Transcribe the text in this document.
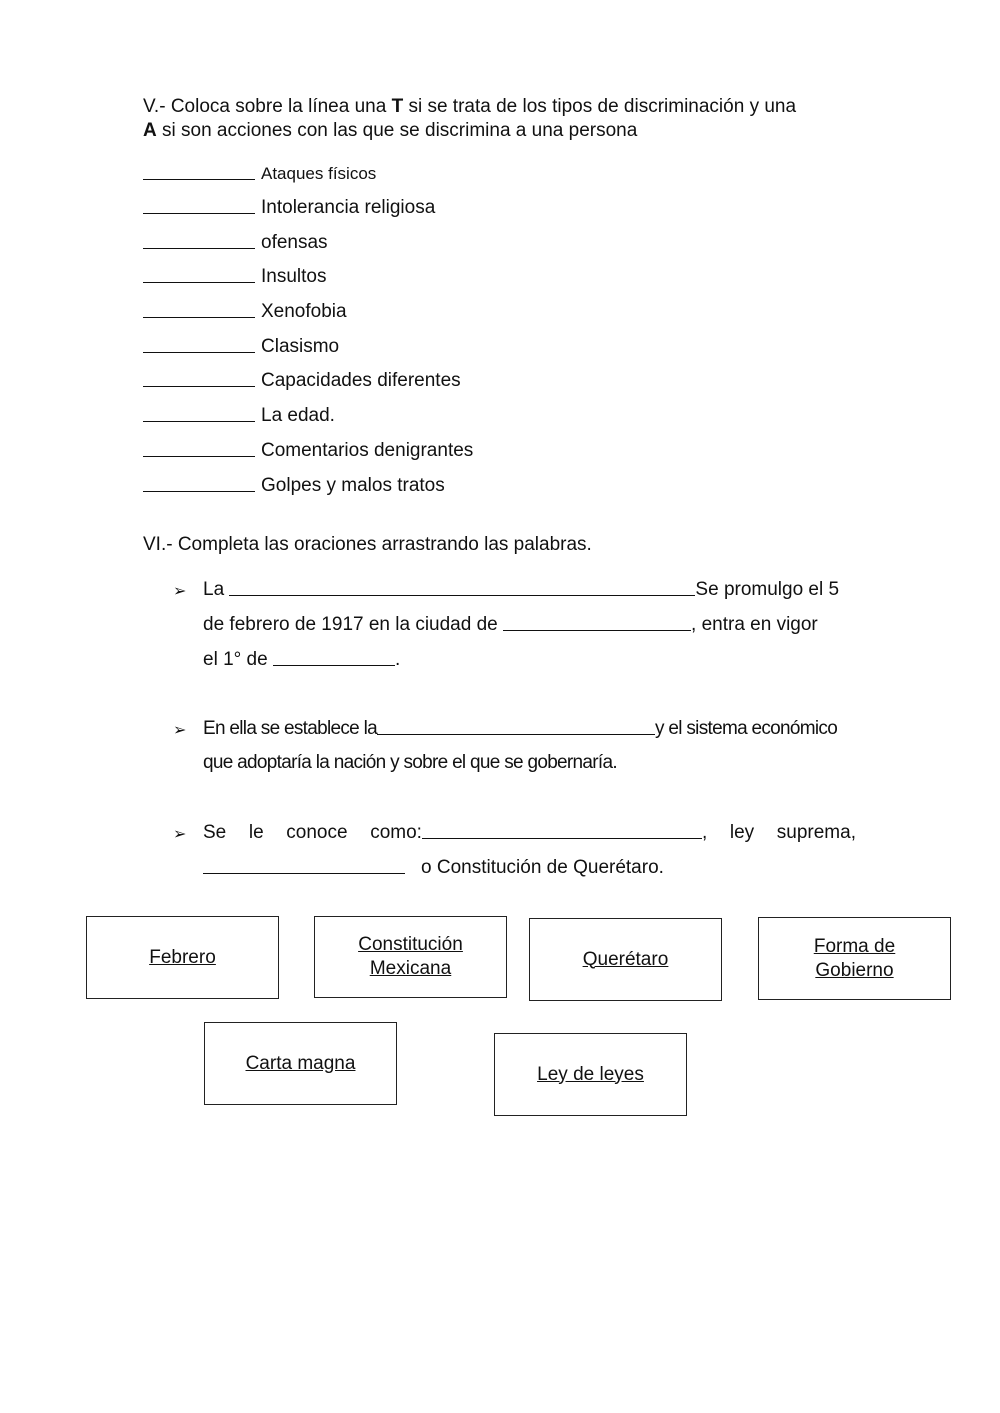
V.- Coloca sobre la línea una T si se trata de los tipos de discriminación y una
A si son acciones con las que se discrimina a una persona
Ataques físicos
Intolerancia religiosa
ofensas
Insultos
Xenofobia
Clasismo
Capacidades diferentes
La edad.
Comentarios denigrantes
Golpes y malos tratos
VI.- Completa las oraciones arrastrando las palabras.
➢ La	Se promulgo el 5
de febrero de 1917 en la ciudad de	, entra en vigor
el 1° de	.
➢ En ella se establece la	y el sistema económico
que adoptaría la nación y sobre el que se gobernaría.
➢ Se le conoce como:	, ley suprema,
o Constitución de Querétaro.
Febrero
Constitución
Mexicana	Querétaro
Forma de
Gobierno
Carta magna
Ley de leyes
